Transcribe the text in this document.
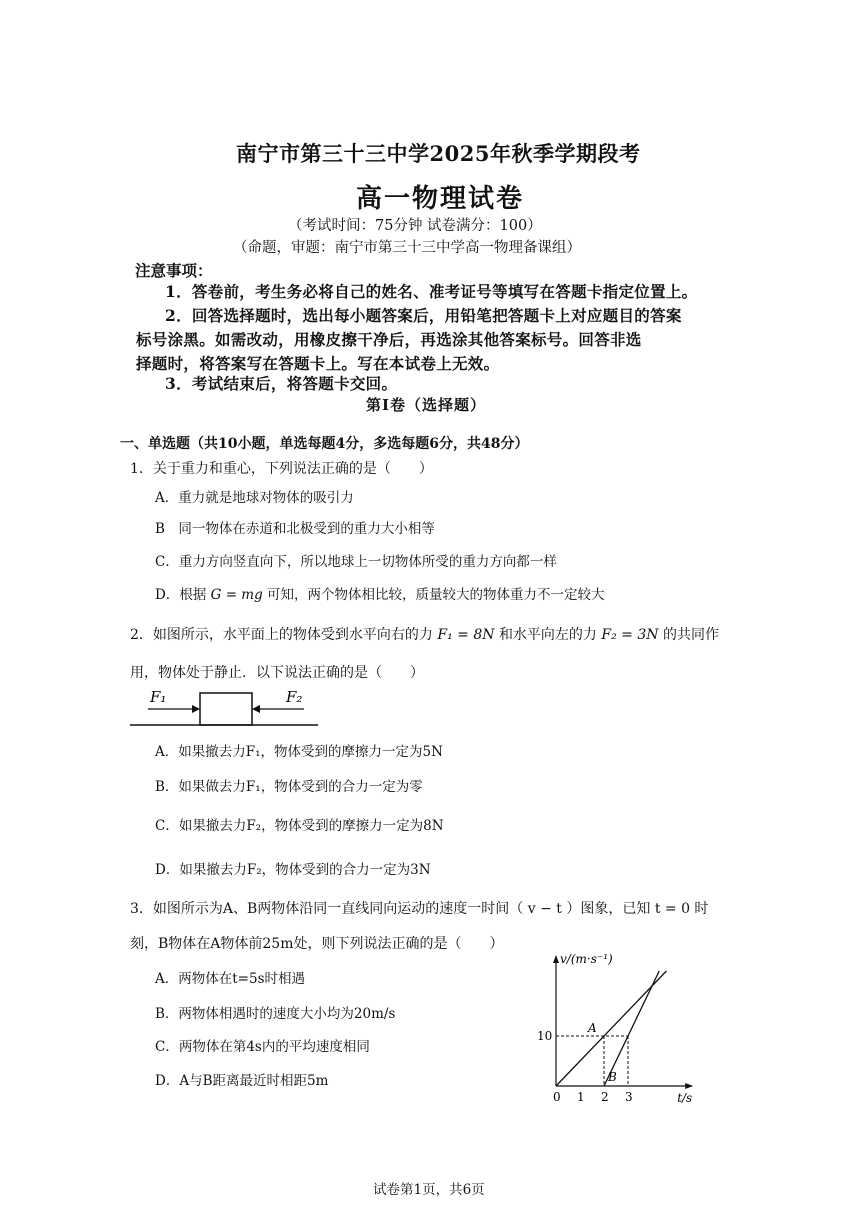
南宁市第三十三中学2025年秋季学期段考
高一物理试卷
（考试时间：75分钟 试卷满分：100）
（命题，审题：南宁市第三十三中学高一物理备课组）
注意事项：
1．答卷前，考生务必将自己的姓名、准考证号等填写在答题卡指定位置上。
2．回答选择题时，选出每小题答案后，用铅笔把答题卡上对应题目的答案
标号涂黑。如需改动，用橡皮擦干净后，再选涂其他答案标号。回答非选
择题时，将答案写在答题卡上。写在本试卷上无效。
3．考试结束后，将答题卡交回。
第Ⅰ卷（选择题）
一、单选题（共10小题，单选每题4分，多选每题6分，共48分）
1．关于重力和重心，下列说法正确的是（　　）
A．重力就是地球对物体的吸引力
B　同一物体在赤道和北极受到的重力大小相等
C．重力方向竖直向下，所以地球上一切物体所受的重力方向都一样
D．根据 G = mg 可知，两个物体相比较，质量较大的物体重力不一定较大
2．如图所示，水平面上的物体受到水平向右的力 F₁ = 8N 和水平向左的力 F₂ = 3N 的共同作
用，物体处于静止．以下说法正确的是（　　）
F₁	F₂
A．如果撤去力F₁，物体受到的摩擦力一定为5N
B．如果做去力F₁，物体受到的合力一定为零
C．如果撤去力F₂，物体受到的摩擦力一定为8N
D．如果撤去力F₂，物体受到的合力一定为3N
3．如图所示为A、B两物体沿同一直线同向运动的速度一时间（ v − t ）图象，已知 t = 0 时
刻，B物体在A物体前25m处，则下列说法正确的是（　　）
A．两物体在t=5s时相遇
B．两物体相遇时的速度大小均为20m/s
C．两物体在第4s内的平均速度相同
D．A与B距离最近时相距5m
v/(m·s⁻¹)
t/s
0 1 2 3
10
A
B
试卷第1页，共6页
